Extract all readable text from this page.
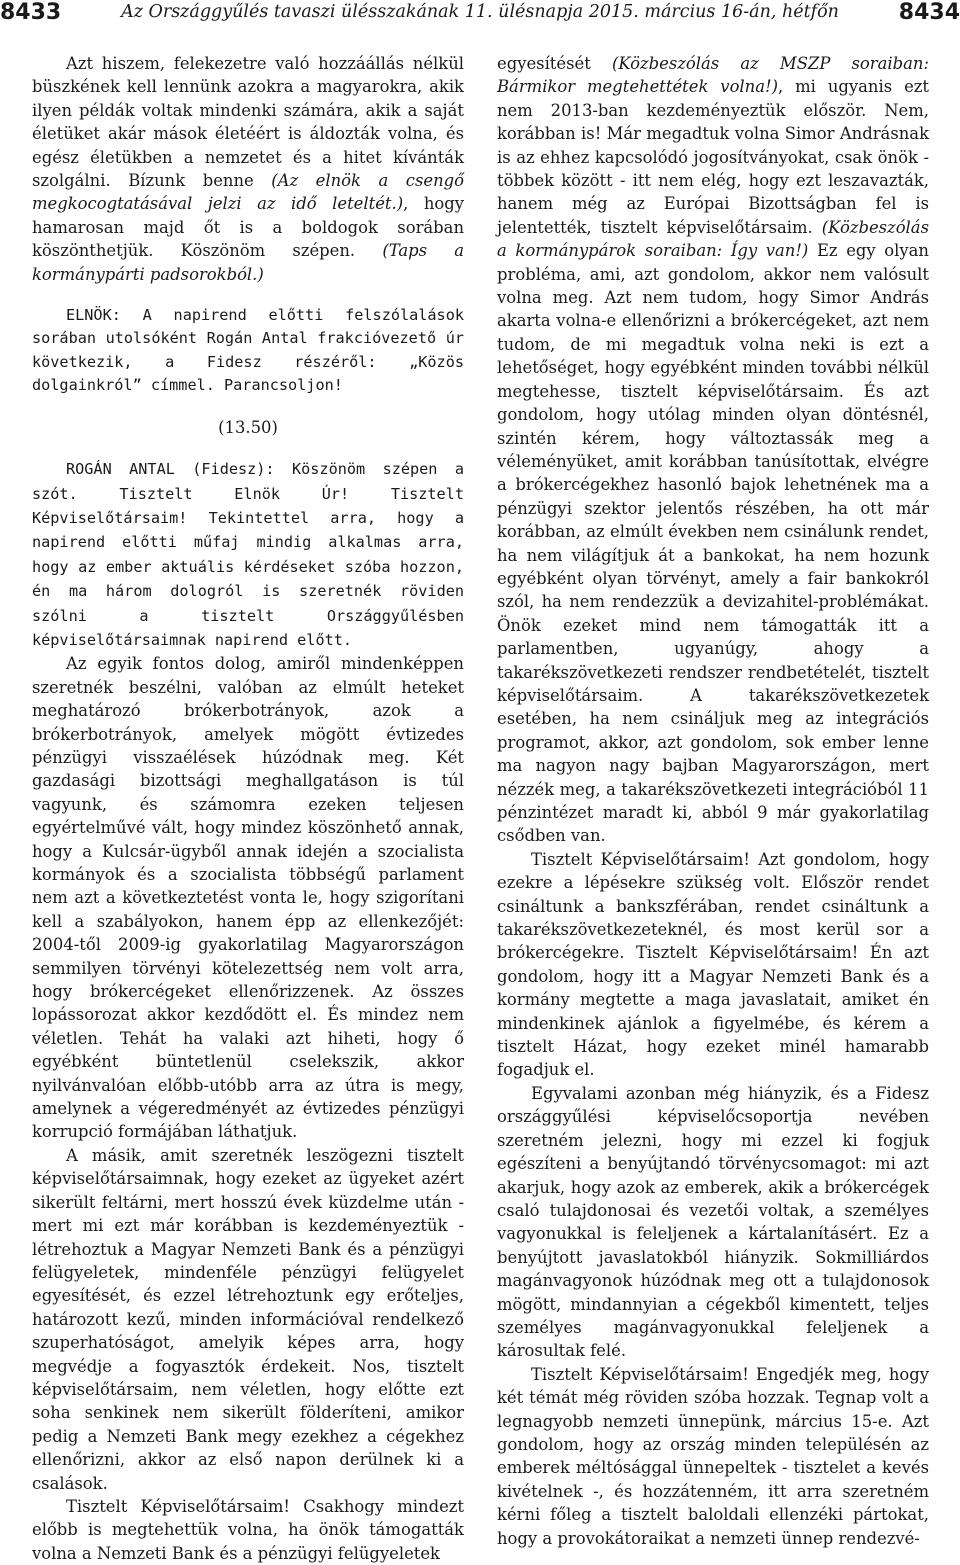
8433	Az Országgyűlés tavaszi ülésszakának 11. ülésnapja 2015. március 16-án, hétfőn	8434

Azt hiszem, felekezetre való hozzáállás nélkül büszkének kell lennünk azokra a magyarokra, akik ilyen példák voltak mindenki számára, akik a saját életüket akár mások életéért is áldozták volna, és egész életükben a nemzetet és a hitet kívánták szolgálni. Bízunk benne (Az elnök a csengő megkocogtatásával jelzi az idő leteltét.), hogy hamarosan majd őt is a boldogok sorában köszönthetjük. Köszönöm szépen. (Taps a kormánypárti padsorokból.)

ELNÖK: A napirend előtti felszólalások sorában utolsóként Rogán Antal frakcióvezető úr következik, a Fidesz részéről: „Közös dolgainkról” címmel. Parancsoljon!

(13.50)

ROGÁN ANTAL (Fidesz): Köszönöm szépen a szót. Tisztelt Elnök Úr! Tisztelt Képviselőtársaim! Tekintettel arra, hogy a napirend előtti műfaj mindig alkalmas arra, hogy az ember aktuális kérdéseket szóba hozzon, én ma három dologról is szeretnék röviden szólni a tisztelt Országgyűlésben képviselőtársaimnak napirend előtt.

Az egyik fontos dolog, amiről mindenképpen szeretnék beszélni, valóban az elmúlt heteket meghatározó brókerbotrányok, azok a brókerbotrányok, amelyek mögött évtizedes pénzügyi visszaélések húzódnak meg. Két gazdasági bizottsági meghallgatáson is túl vagyunk, és számomra ezeken teljesen egyértelművé vált, hogy mindez köszönhető annak, hogy a Kulcsár-ügyből annak idején a szocialista kormányok és a szocialista többségű parlament nem azt a következtetést vonta le, hogy szigorítani kell a szabályokon, hanem épp az ellenkezőjét: 2004-től 2009-ig gyakorlatilag Magyarországon semmilyen törvényi kötelezettség nem volt arra, hogy brókercégeket ellenőrizzenek. Az összes lopássorozat akkor kezdődött el. És mindez nem véletlen. Tehát ha valaki azt hiheti, hogy ő egyébként büntetlenül cselekszik, akkor nyilvánvalóan előbb-utóbb arra az útra is megy, amelynek a végeredményét az évtizedes pénzügyi korrupció formájában láthatjuk.

A másik, amit szeretnék leszögezni tisztelt képviselőtársaimnak, hogy ezeket az ügyeket azért sikerült feltárni, mert hosszú évek küzdelme után - mert mi ezt már korábban is kezdeményeztük - létrehoztuk a Magyar Nemzeti Bank és a pénzügyi felügyeletek, mindenféle pénzügyi felügyelet egyesítését, és ezzel létrehoztunk egy erőteljes, határozott kezű, minden információval rendelkező szuperhatóságot, amelyik képes arra, hogy megvédje a fogyasztók érdekeit. Nos, tisztelt képviselőtársaim, nem véletlen, hogy előtte ezt soha senkinek nem sikerült földeríteni, amikor pedig a Nemzeti Bank megy ezekhez a cégekhez ellenőrizni, akkor az első napon derülnek ki a csalások.

Tisztelt Képviselőtársaim! Csakhogy mindezt előbb is megtehettük volna, ha önök támogatták volna a Nemzeti Bank és a pénzügyi felügyeletek

egyesítését (Közbeszólás az MSZP soraiban: Bármikor megtehettétek volna!), mi ugyanis ezt nem 2013-ban kezdeményeztük először. Nem, korábban is! Már megadtuk volna Simor Andrásnak is az ehhez kapcsolódó jogosítványokat, csak önök - többek között - itt nem elég, hogy ezt leszavazták, hanem még az Európai Bizottságban fel is jelentették, tisztelt képviselőtársaim. (Közbeszólás a kormánypárok soraiban: Így van!) Ez egy olyan probléma, ami, azt gondolom, akkor nem valósult volna meg. Azt nem tudom, hogy Simor András akarta volna-e ellenőrizni a brókercégeket, azt nem tudom, de mi megadtuk volna neki is ezt a lehetőséget, hogy egyébként minden további nélkül megtehesse, tisztelt képviselőtársaim. És azt gondolom, hogy utólag minden olyan döntésnél, szintén kérem, hogy változtassák meg a véleményüket, amit korábban tanúsítottak, elvégre a brókercégekhez hasonló bajok lehetnének ma a pénzügyi szektor jelentős részében, ha ott már korábban, az elmúlt években nem csinálunk rendet, ha nem világítjuk át a bankokat, ha nem hozunk egyébként olyan törvényt, amely a fair bankokról szól, ha nem rendezzük a devizahitel-problémákat. Önök ezeket mind nem támogatták itt a parlamentben, ugyanúgy, ahogy a takarékszövetkezeti rendszer rendbetételét, tisztelt képviselőtársaim. A takarékszövetkezetek esetében, ha nem csináljuk meg az integrációs programot, akkor, azt gondolom, sok ember lenne ma nagyon nagy bajban Magyarországon, mert nézzék meg, a takarékszövetkezeti integrációból 11 pénzintézet maradt ki, abból 9 már gyakorlatilag csődben van.

Tisztelt Képviselőtársaim! Azt gondolom, hogy ezekre a lépésekre szükség volt. Először rendet csináltunk a bankszférában, rendet csináltunk a takarékszövetkezeteknél, és most kerül sor a brókercégekre. Tisztelt Képviselőtársaim! Én azt gondolom, hogy itt a Magyar Nemzeti Bank és a kormány megtette a maga javaslatait, amiket én mindenkinek ajánlok a figyelmébe, és kérem a tisztelt Házat, hogy ezeket minél hamarabb fogadjuk el.

Egyvalami azonban még hiányzik, és a Fidesz országgyűlési képviselőcsoportja nevében szeretném jelezni, hogy mi ezzel ki fogjuk egészíteni a benyújtandó törvénycsomagot: mi azt akarjuk, hogy azok az emberek, akik a brókercégek csaló tulajdonosai és vezetői voltak, a személyes vagyonukkal is feleljenek a kártalanításért. Ez a benyújtott javaslatokból hiányzik. Sokmilliárdos magánvagyonok húzódnak meg ott a tulajdonosok mögött, mindannyian a cégekből kimentett, teljes személyes magánvagyonukkal feleljenek a károsultak felé.

Tisztelt Képviselőtársaim! Engedjék meg, hogy két témát még röviden szóba hozzak. Tegnap volt a legnagyobb nemzeti ünnepünk, március 15-e. Azt gondolom, hogy az ország minden településén az emberek méltósággal ünnepeltek - tisztelet a kevés kivételnek -, és hozzátenném, itt arra szeretném kérni főleg a tisztelt baloldali ellenzéki pártokat, hogy a provokátoraikat a nemzeti ünnep rendezvé-
